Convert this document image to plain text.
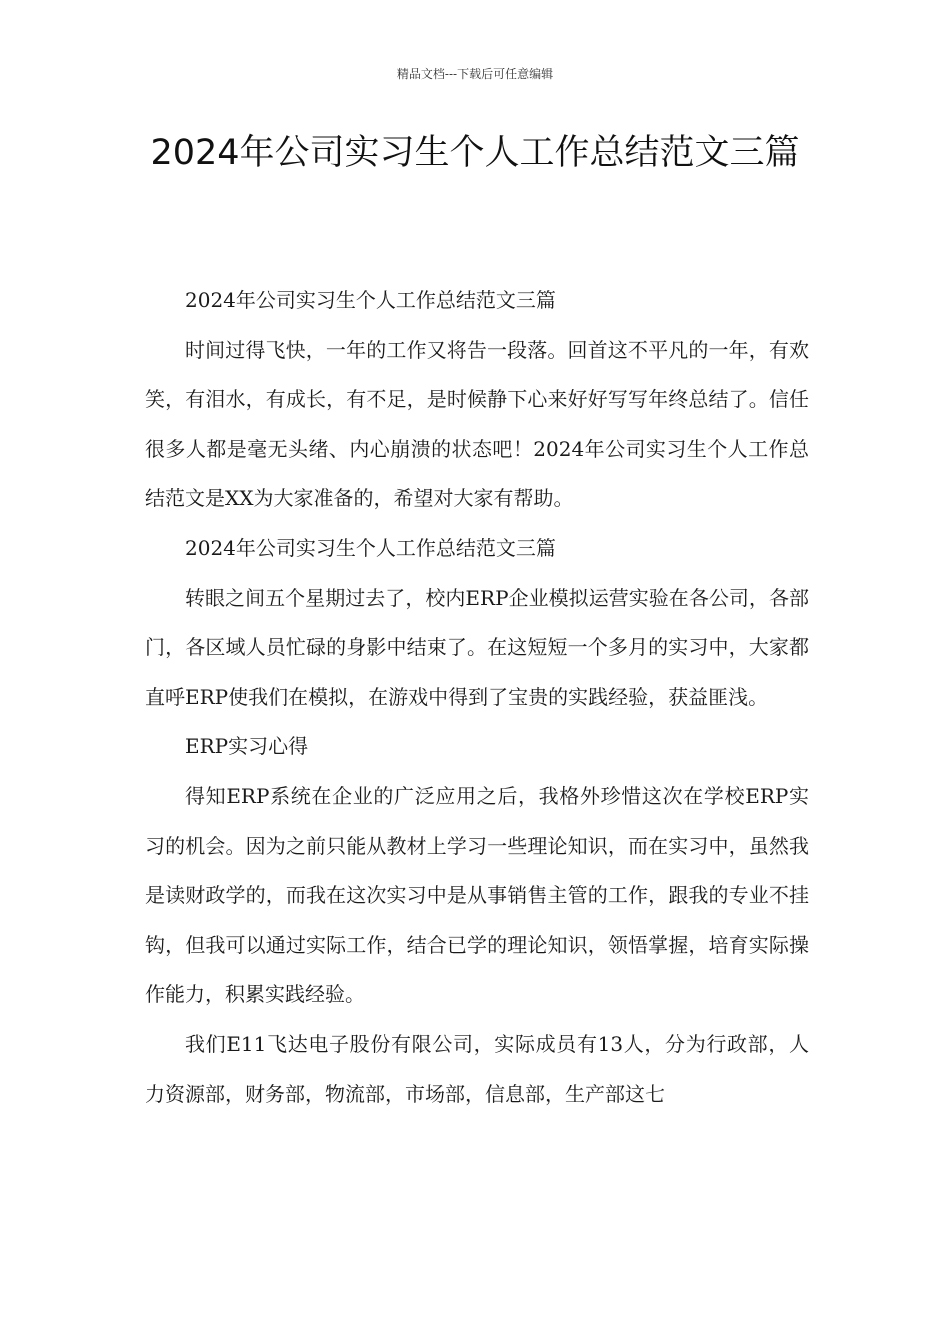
精品文档---下载后可任意编辑
2024年公司实习生个人工作总结范文三篇

2024年公司实习生个人工作总结范文三篇

时间过得飞快，一年的工作又将告一段落。回首这不平凡的一年，有欢笑，有泪水，有成长，有不足，是时候静下心来好好写写年终总结了。信任很多人都是毫无头绪、内心崩溃的状态吧！2024年公司实习生个人工作总结范文是XX为大家准备的，希望对大家有帮助。

2024年公司实习生个人工作总结范文三篇

转眼之间五个星期过去了，校内ERP企业模拟运营实验在各公司，各部门，各区域人员忙碌的身影中结束了。在这短短一个多月的实习中，大家都直呼ERP使我们在模拟，在游戏中得到了宝贵的实践经验，获益匪浅。

ERP实习心得

得知ERP系统在企业的广泛应用之后，我格外珍惜这次在学校ERP实习的机会。因为之前只能从教材上学习一些理论知识，而在实习中，虽然我是读财政学的，而我在这次实习中是从事销售主管的工作，跟我的专业不挂钩，但我可以通过实际工作，结合已学的理论知识，领悟掌握，培育实际操作能力，积累实践经验。

我们E11飞达电子股份有限公司，实际成员有13人，分为行政部，人力资源部，财务部，物流部，市场部，信息部，生产部这七
